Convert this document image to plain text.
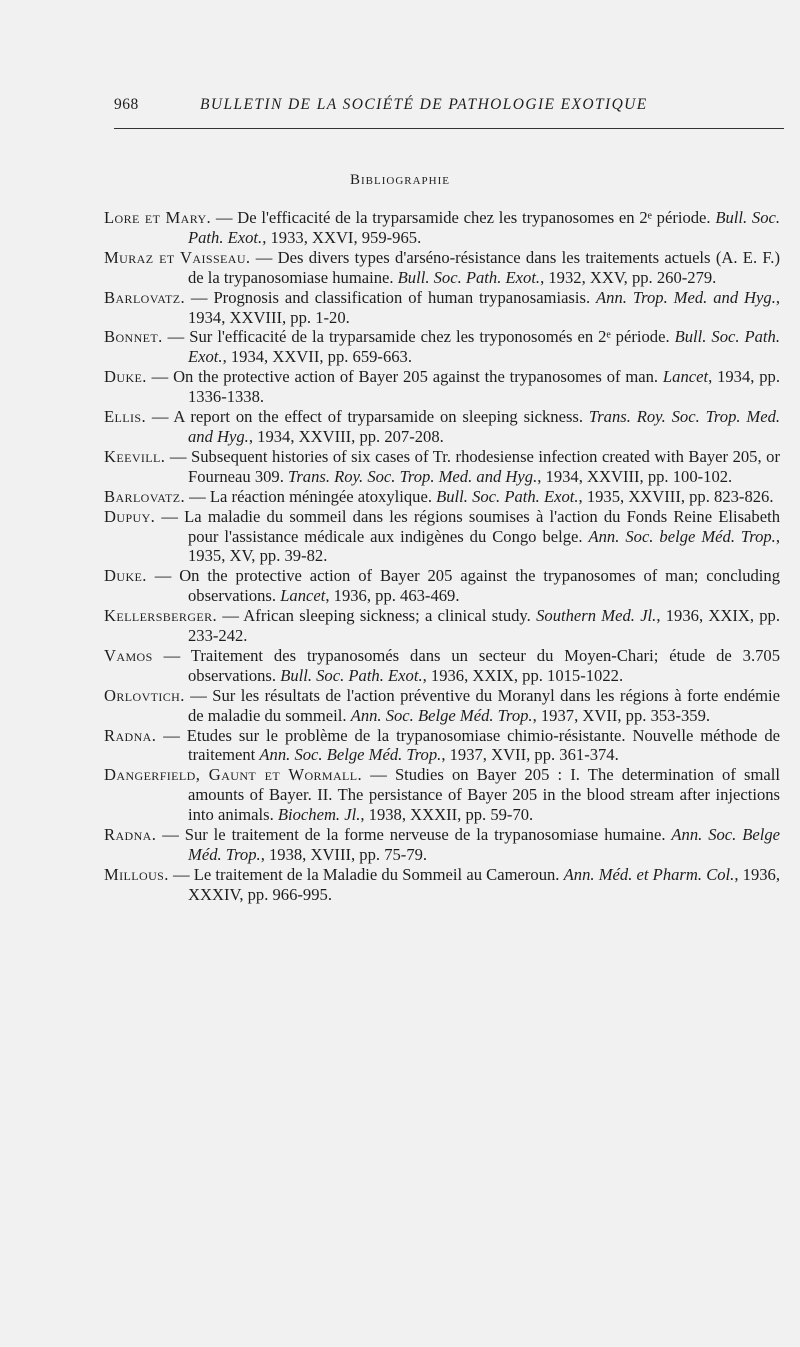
968	BULLETIN DE LA SOCIÉTÉ DE PATHOLOGIE EXOTIQUE
Bibliographie

Lore et Mary. — De l'efficacité de la tryparsamide chez les trypanosomes en 2ᵉ période. Bull. Soc. Path. Exot., 1933, XXVI, 959-965.

Muraz et Vaisseau. — Des divers types d'arséno-résistance dans les traitements actuels (A. E. F.) de la trypanosomiase humaine. Bull. Soc. Path. Exot., 1932, XXV, pp. 260-279.

Barlovatz. — Prognosis and classification of human trypanosamiasis. Ann. Trop. Med. and Hyg., 1934, XXVIII, pp. 1-20.

Bonnet. — Sur l'efficacité de la tryparsamide chez les tryponosomés en 2ᵉ période. Bull. Soc. Path. Exot., 1934, XXVII, pp. 659-663.

Duke. — On the protective action of Bayer 205 against the trypanosomes of man. Lancet, 1934, pp. 1336-1338.

Ellis. — A report on the effect of tryparsamide on sleeping sickness. Trans. Roy. Soc. Trop. Med. and Hyg., 1934, XXVIII, pp. 207-208.

Keevill. — Subsequent histories of six cases of Tr. rhodesiense infection created with Bayer 205, or Fourneau 309. Trans. Roy. Soc. Trop. Med. and Hyg., 1934, XXVIII, pp. 100-102.

Barlovatz. — La réaction méningée atoxylique. Bull. Soc. Path. Exot., 1935, XXVIII, pp. 823-826.

Dupuy. — La maladie du sommeil dans les régions soumises à l'action du Fonds Reine Elisabeth pour l'assistance médicale aux indigènes du Congo belge. Ann. Soc. belge Méd. Trop., 1935, XV, pp. 39-82.

Duke. — On the protective action of Bayer 205 against the trypanosomes of man; concluding observations. Lancet, 1936, pp. 463-469.

Kellersberger. — African sleeping sickness; a clinical study. Southern Med. Jl., 1936, XXIX, pp. 233-242.

Vamos — Traitement des trypanosomés dans un secteur du Moyen-Chari; étude de 3.705 observations. Bull. Soc. Path. Exot., 1936, XXIX, pp. 1015-1022.

Orlovtich. — Sur les résultats de l'action préventive du Moranyl dans les régions à forte endémie de maladie du sommeil. Ann. Soc. Belge Méd. Trop., 1937, XVII, pp. 353-359.

Radna. — Etudes sur le problème de la trypanosomiase chimio-résistante. Nouvelle méthode de traitement Ann. Soc. Belge Méd. Trop., 1937, XVII, pp. 361-374.

Dangerfield, Gaunt et Wormall. — Studies on Bayer 205 : I. The determination of small amounts of Bayer. II. The persistance of Bayer 205 in the blood stream after injections into animals. Biochem. Jl., 1938, XXXII, pp. 59-70.

Radna. — Sur le traitement de la forme nerveuse de la trypanosomiase humaine. Ann. Soc. Belge Méd. Trop., 1938, XVIII, pp. 75-79.

Millous. — Le traitement de la Maladie du Sommeil au Cameroun. Ann. Méd. et Pharm. Col., 1936, XXXIV, pp. 966-995.
